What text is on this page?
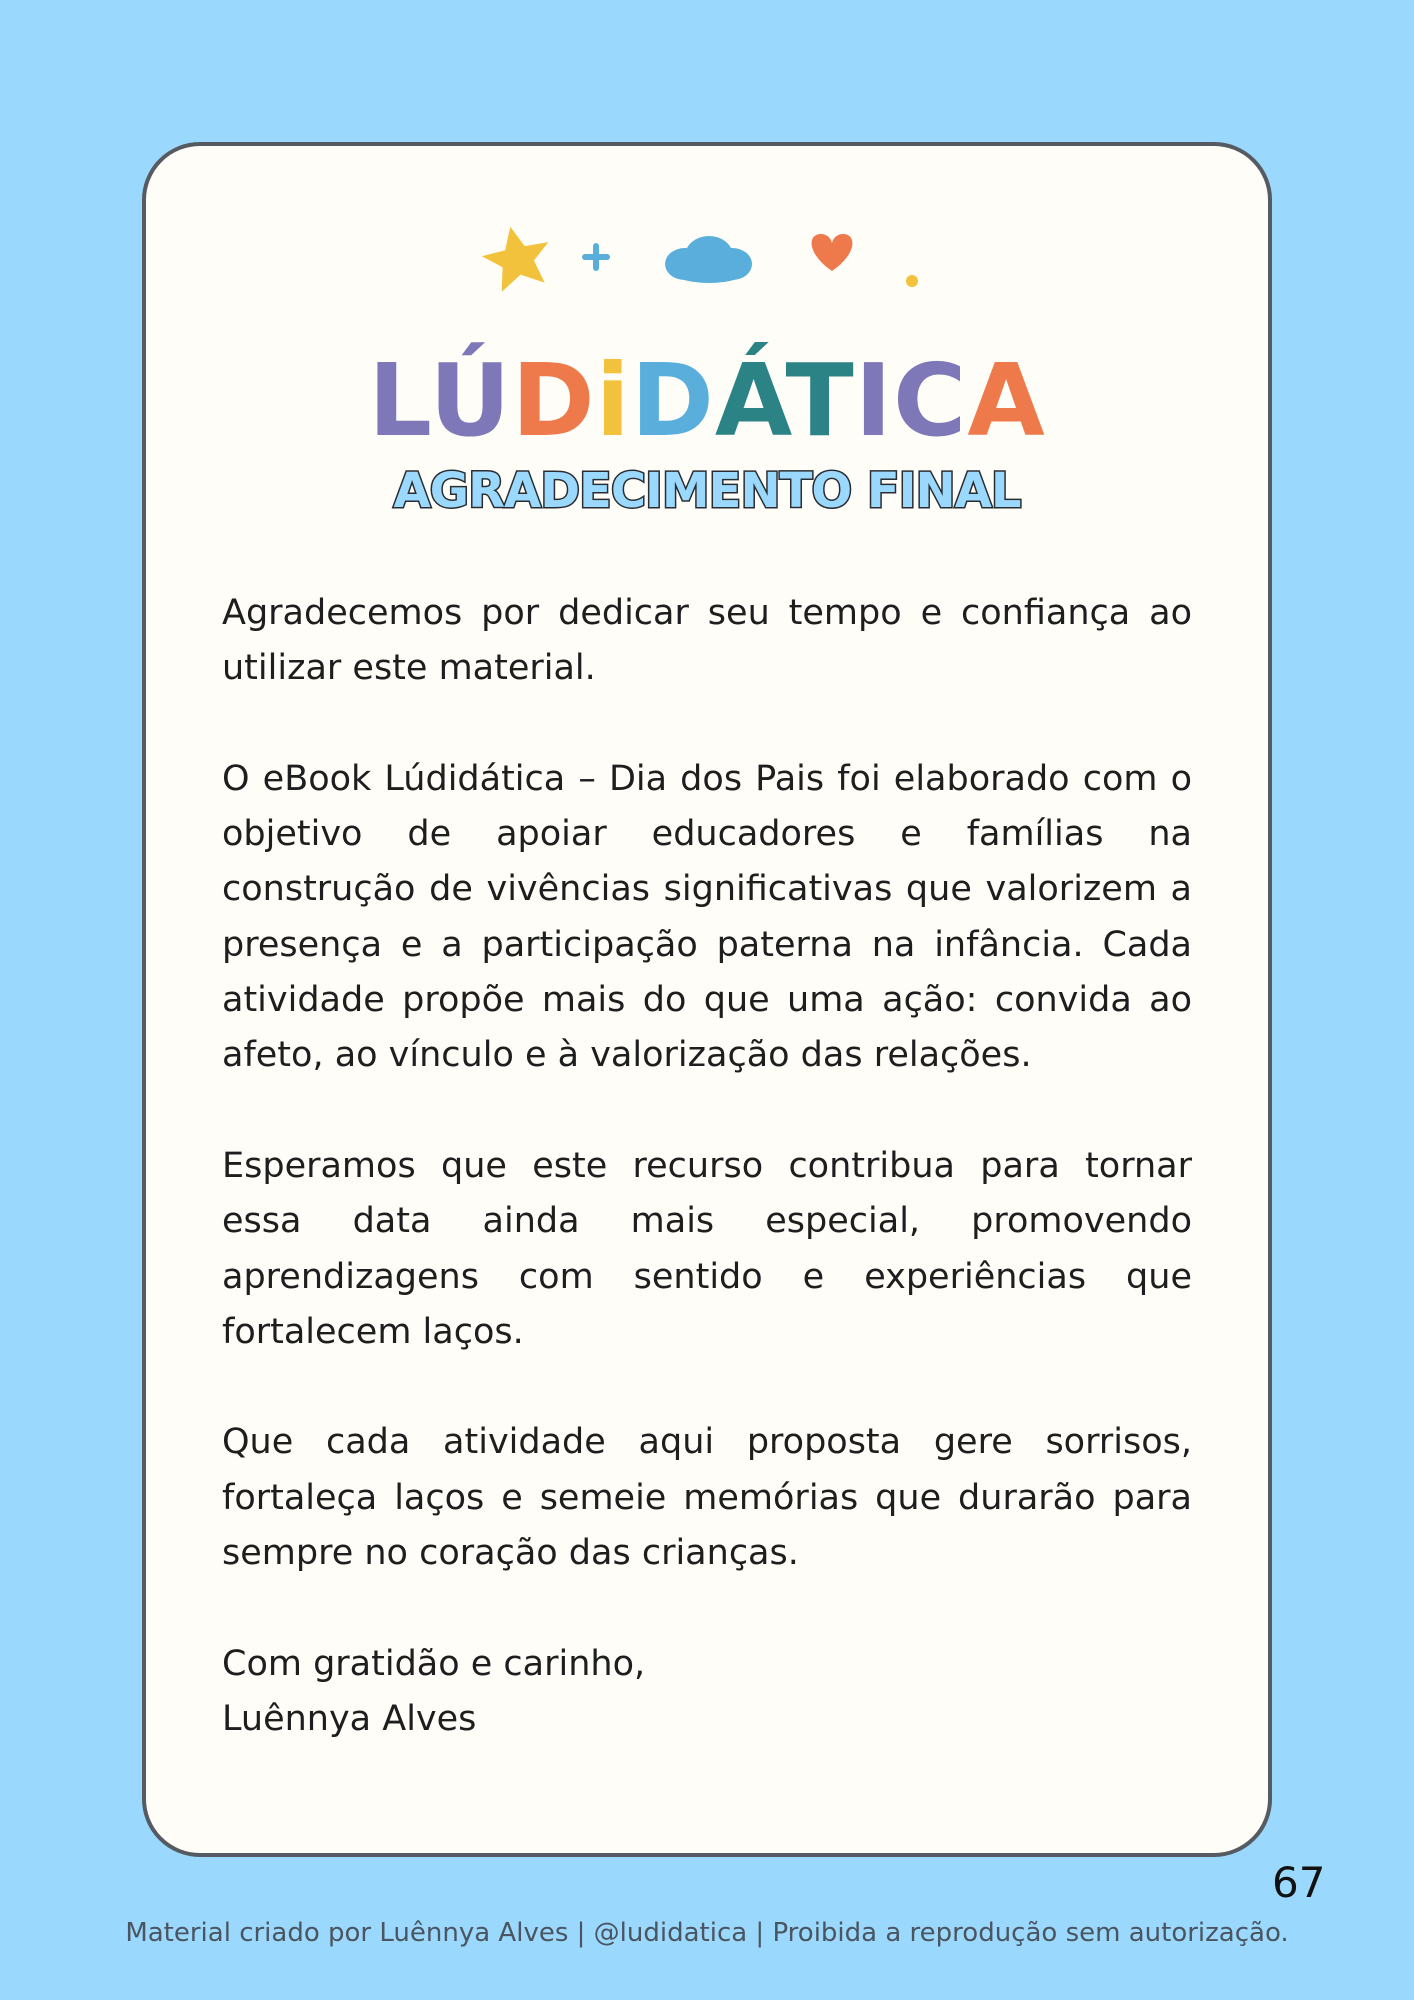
LÚDiDÁTICA
AGRADECIMENTO FINAL

Agradecemos por dedicar seu tempo e confiança ao utilizar este material.

O eBook Lúdidática – Dia dos Pais foi elaborado com o objetivo de apoiar educadores e famílias na construção de vivências significativas que valorizem a presença e a participação paterna na infância. Cada atividade propõe mais do que uma ação: convida ao afeto, ao vínculo e à valorização das relações.

Esperamos que este recurso contribua para tornar essa data ainda mais especial, promovendo aprendizagens com sentido e experiências que fortalecem laços.

Que cada atividade aqui proposta gere sorrisos, fortaleça laços e semeie memórias que durarão para sempre no coração das crianças.

Com gratidão e carinho,
Luênnya Alves

67
Material criado por Luênnya Alves | @ludidatica | Proibida a reprodução sem autorização.
